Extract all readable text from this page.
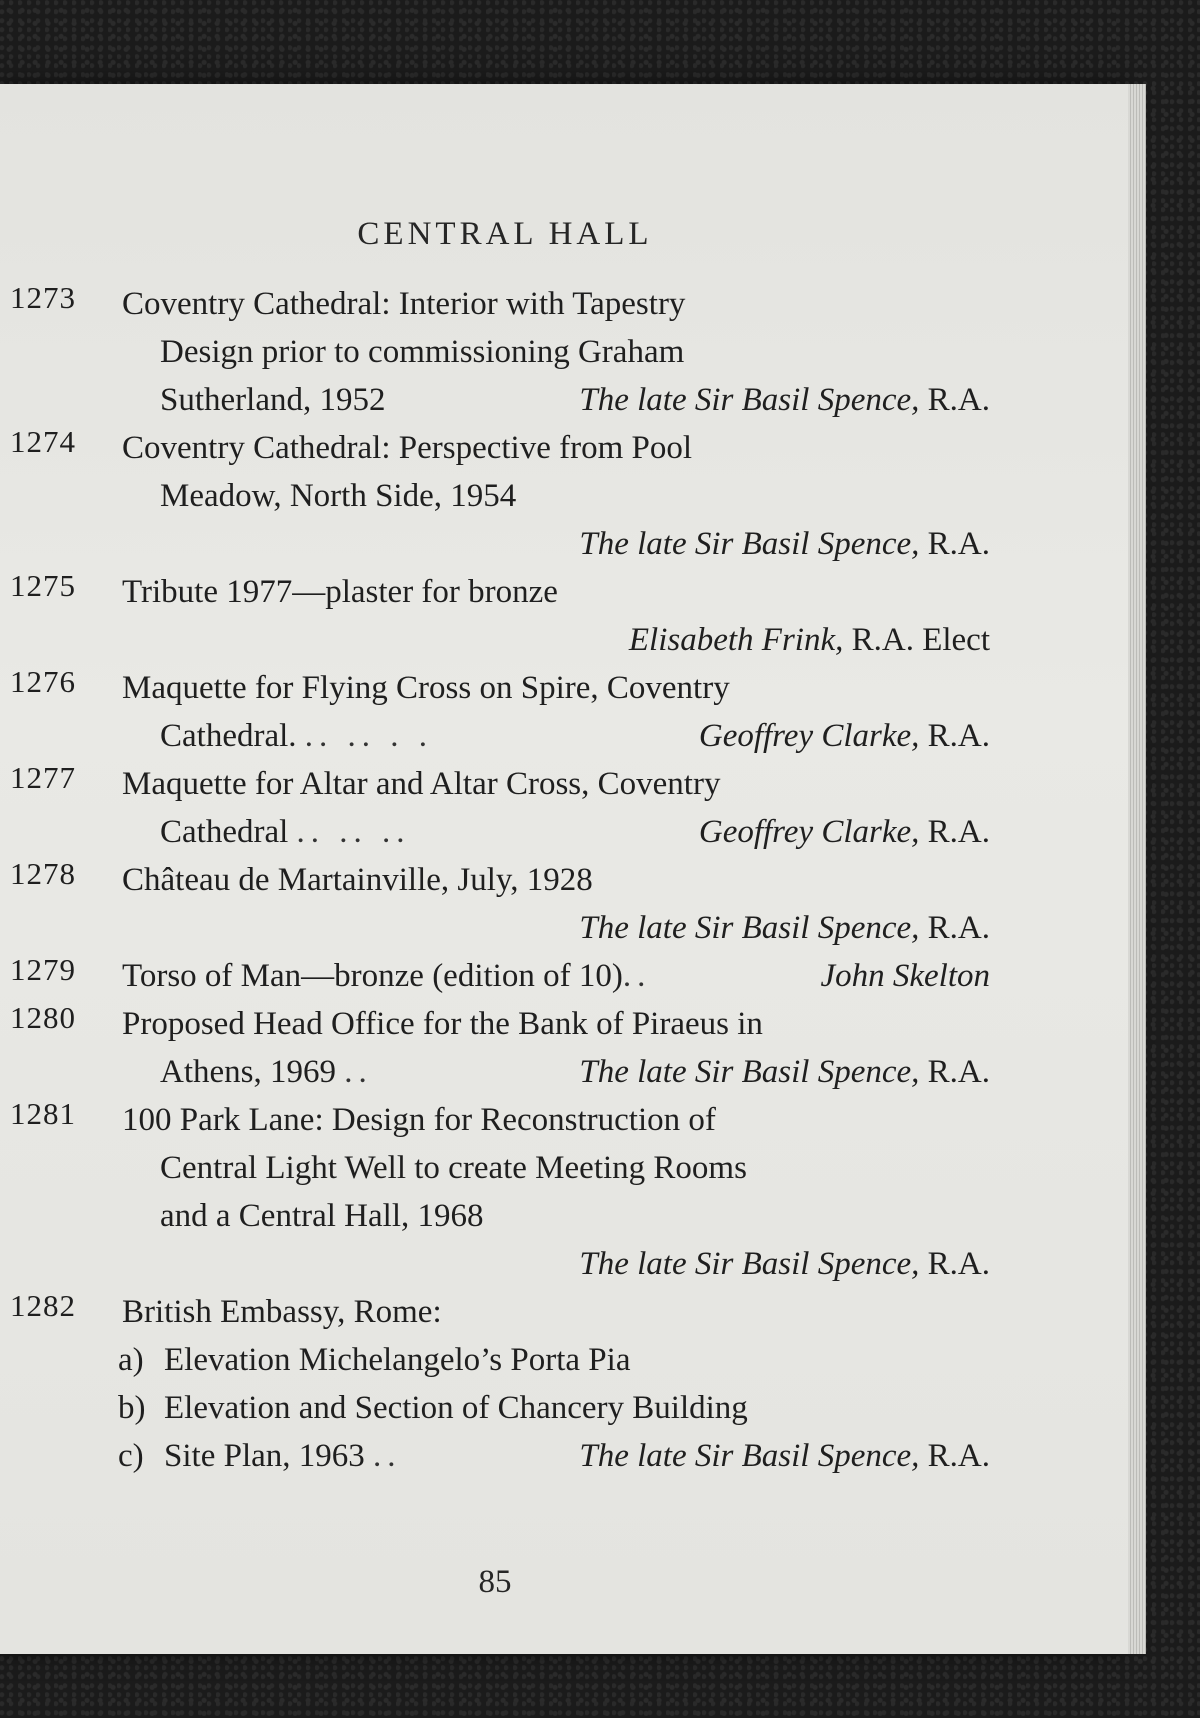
CENTRAL HALL
1273	Coventry Cathedral: Interior with Tapestry
Design prior to commissioning Graham
Sutherland, 1952	The late Sir Basil Spence, R.A.
1274	Coventry Cathedral: Perspective from Pool
Meadow, North Side, 1954
The late Sir Basil Spence, R.A.
1275	Tribute 1977—plaster for bronze
Elisabeth Frink, R.A. Elect
1276	Maquette for Flying Cross on Spire, Coventry
Cathedral. .. .. . .	Geoffrey Clarke, R.A.
1277	Maquette for Altar and Altar Cross, Coventry
Cathedral .. .. ..	Geoffrey Clarke, R.A.
1278	Château de Martainville, July, 1928
The late Sir Basil Spence, R.A.
1279	Torso of Man—bronze (edition of 10)..	John Skelton
1280	Proposed Head Office for the Bank of Piraeus in
Athens, 1969 ..	The late Sir Basil Spence, R.A.
1281	100 Park Lane: Design for Reconstruction of
Central Light Well to create Meeting Rooms
and a Central Hall, 1968
The late Sir Basil Spence, R.A.
1282	British Embassy, Rome:
a) Elevation Michelangelo’s Porta Pia
b) Elevation and Section of Chancery Building
c) Site Plan, 1963 ..	The late Sir Basil Spence, R.A.
85
